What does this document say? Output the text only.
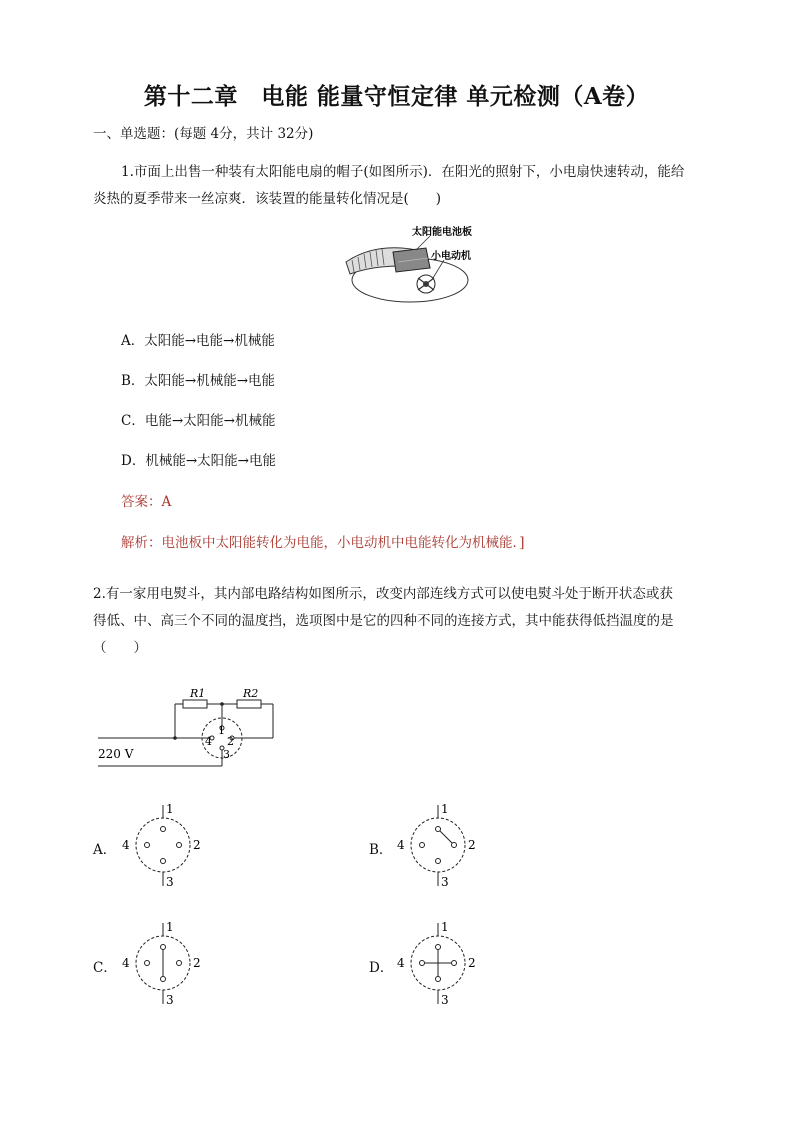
第十二章　电能 能量守恒定律 单元检测（A卷）
一、单选题：(每题 4分，共计 32分)
1.市面上出售一种装有太阳能电扇的帽子(如图所示)．在阳光的照射下，小电扇快速转动，能给
炎热的夏季带来一丝凉爽．该装置的能量转化情况是(　　)
太阳能电池板
小电动机
A．太阳能→电能→机械能
B．太阳能→机械能→电能
C．电能→太阳能→机械能
D．机械能→太阳能→电能
答案：A
解析：电池板中太阳能转化为电能，小电动机中电能转化为机械能．]
2.有一家用电熨斗，其内部电路结构如图所示，改变内部连线方式可以使电熨斗处于断开状态或获
得低、中、高三个不同的温度挡，选项图中是它的四种不同的连接方式，其中能获得低挡温度的是
（　　）
R1	R2
1
2
3
4
220 V
A．
1
2
3
4	B．
1
2
3
4
C．
1
2
3
4	D．
1
2
3
4
